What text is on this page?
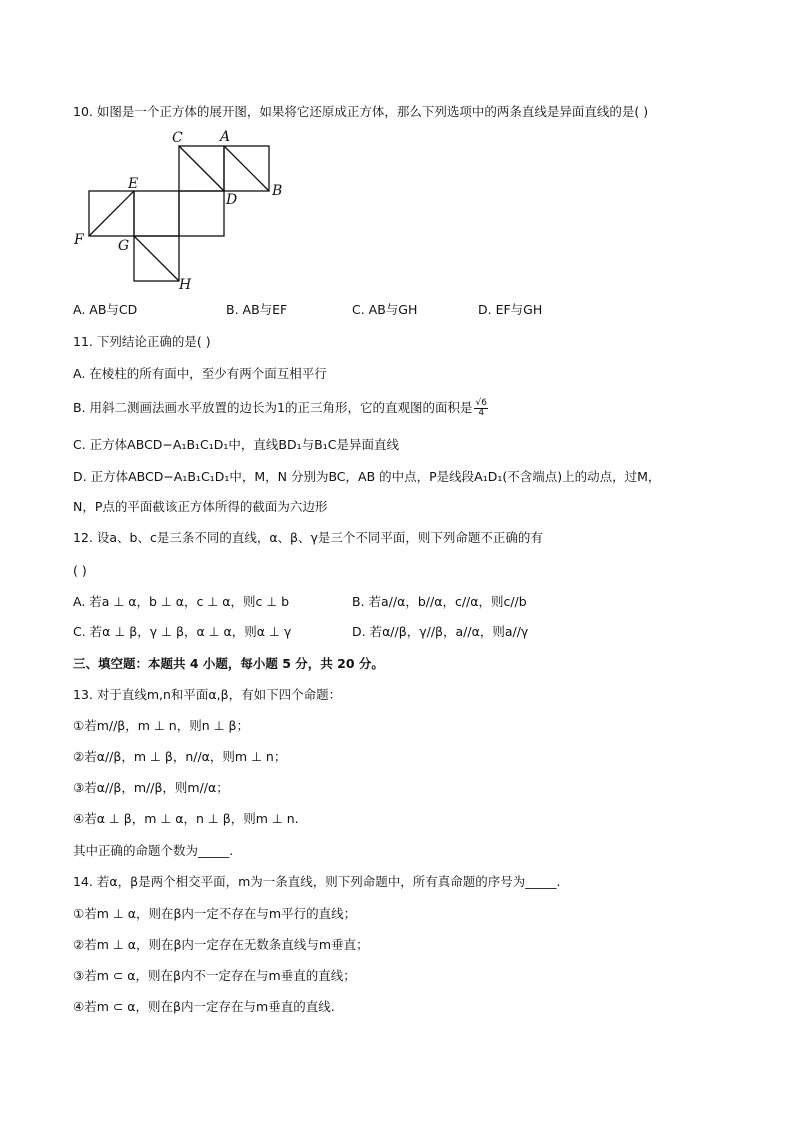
10. 如图是一个正方体的展开图，如果将它还原成正方体，那么下列选项中的两条直线是异面直线的是( )
C	A
E	B
D
F G
H
A. AB与CD	B. AB与EF	C. AB与GH	D. EF与GH
11. 下列结论正确的是( )
A. 在棱柱的所有面中，至少有两个面互相平行
B. 用斜二测画法画水平放置的边长为1的正三角形，它的直观图的面积是 $\frac{√6}{4}$
C. 正方体ABCD−A₁B₁C₁D₁中，直线BD₁与B₁C是异面直线
D. 正方体ABCD−A₁B₁C₁D₁中，M，N 分别为BC，AB 的中点，P是线段A₁D₁(不含端点)上的动点，过M，
N，P点的平面截该正方体所得的截面为六边形
12. 设a、b、c是三条不同的直线，α、β、γ是三个不同平面，则下列命题不正确的有
( )
A. 若a ⊥ α，b ⊥ α，c ⊥ α，则c ⊥ b	B. 若a//α，b//α，c//α，则c//b
C. 若α ⊥ β，γ ⊥ β，α ⊥ α，则α ⊥ γ	D. 若α//β，γ//β，a//α，则a//γ
三、填空题：本题共 4 小题，每小题 5 分，共 20 分。
13. 对于直线m,n和平面α,β，有如下四个命题：
①若m//β，m ⊥ n，则n ⊥ β；
②若α//β，m ⊥ β，n//α，则m ⊥ n；
③若α//β，m//β，则m//α；
④若α ⊥ β，m ⊥ α，n ⊥ β，则m ⊥ n.
其中正确的命题个数为_____.
14. 若α，β是两个相交平面，m为一条直线，则下列命题中，所有真命题的序号为_____.
①若m ⊥ α，则在β内一定不存在与m平行的直线；
②若m ⊥ α，则在β内一定存在无数条直线与m垂直；
③若m ⊂ α，则在β内不一定存在与m垂直的直线；
④若m ⊂ α，则在β内一定存在与m垂直的直线.
